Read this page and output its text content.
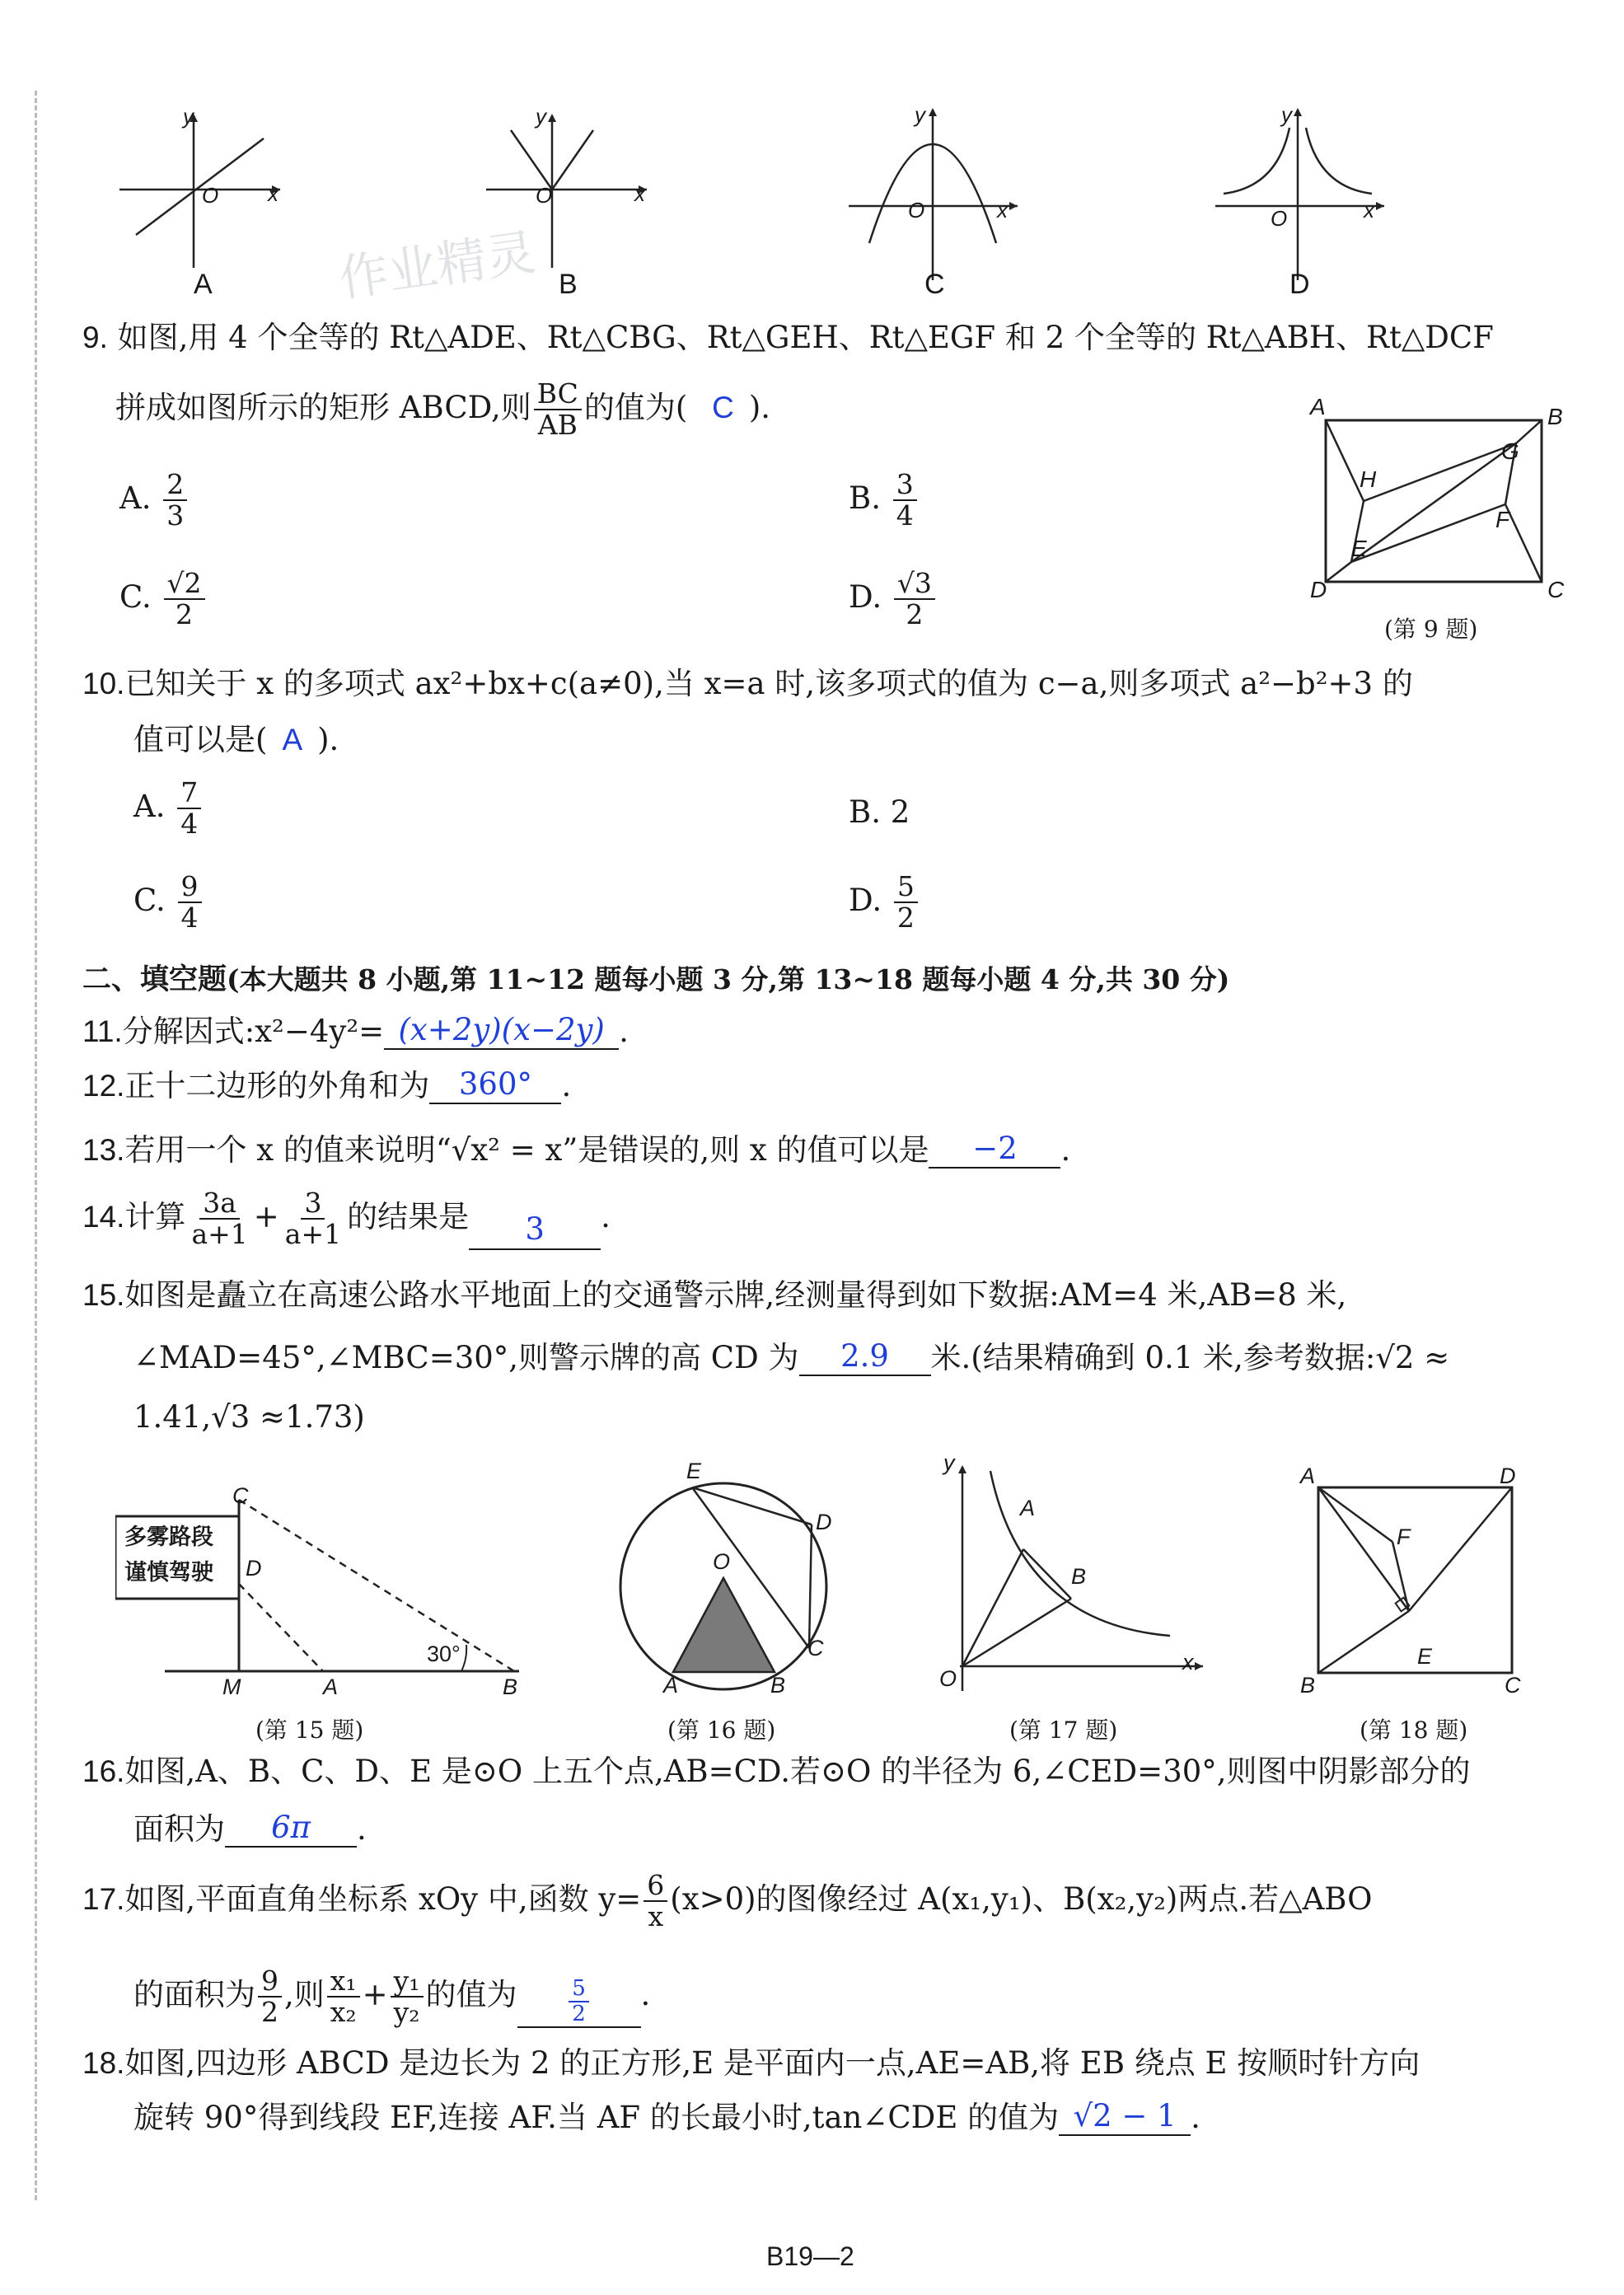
y
x
O
A
y
x
O
B
y
x
O
C
y
x
O
D
作业精灵
9. 如图,用 4 个全等的 Rt△ADE、Rt△CBG、Rt△GEH、Rt△EGF 和 2 个全等的 Rt△ABH、Rt△DCF
拼成如图所示的矩形 ABCD,则 $\frac{BC}{AB}$ 的值为( C ).
A. $\frac{2}{3}$	B. $\frac{3}{4}$
C. $\frac{√2}{2}$	D. $\frac{√3}{2}$
A	B
D	C
H
E
G
F
(第 9 题)
10.已知关于 x 的多项式 ax²+bx+c(a≠0),当 x=a 时,该多项式的值为 c−a,则多项式 a²−b²+3 的
值可以是( A ).
A. $\frac{7}{4}$	B. 2
C. $\frac{9}{4}$	D. $\frac{5}{2}$
二、填空题(本大题共 8 小题,第 11~12 题每小题 3 分,第 13~18 题每小题 4 分,共 30 分)
11.分解因式:x²−4y²= (x+2y)(x−2y) .
12.正十二边形的外角和为 360° .
13.若用一个 x 的值来说明“√x² = x”是错误的,则 x 的值可以是 −2 .
14.计算 $\frac{3a}{a+1} + \frac{3}{a+1}$ 的结果是 3 .
15.如图是矗立在高速公路水平地面上的交通警示牌,经测量得到如下数据:AM=4 米,AB=8 米,
∠MAD=45°,∠MBC=30°,则警示牌的高 CD 为 2.9 米.(结果精确到 0.1 米,参考数据:√2 ≈
1.41,√3 ≈1.73)
多雾路段
谨慎驾驶
C
D
M	A	B
30°
(第 15 题)
E
D
O
C
A	B
(第 16 题)
y
x
O
A
B
(第 17 题)
A	D
F
E
B	C
(第 18 题)
16.如图,A、B、C、D、E 是⊙O 上五个点,AB=CD.若⊙O 的半径为 6,∠CED=30°,则图中阴影部分的
面积为 6π .
17.如图,平面直角坐标系 xOy 中,函数 $y= \frac{6}{x} (x>0)$的图像经过 A(x₁,y₁)、B(x₂,y₂)两点.若△ABO
的面积为 $\frac{9}{2}$ ,则 $\frac{\text{x₁}}{\text{x₂}} + \frac{\text{y₁}}{\text{y₂}}$ 的值为 $\frac{5}{2}$ .
18.如图,四边形 ABCD 是边长为 2 的正方形,E 是平面内一点,AE=AB,将 EB 绕点 E 按顺时针方向
旋转 90°得到线段 EF,连接 AF.当 AF 的长最小时,tan∠CDE 的值为 √2 − 1 .
B19—2
